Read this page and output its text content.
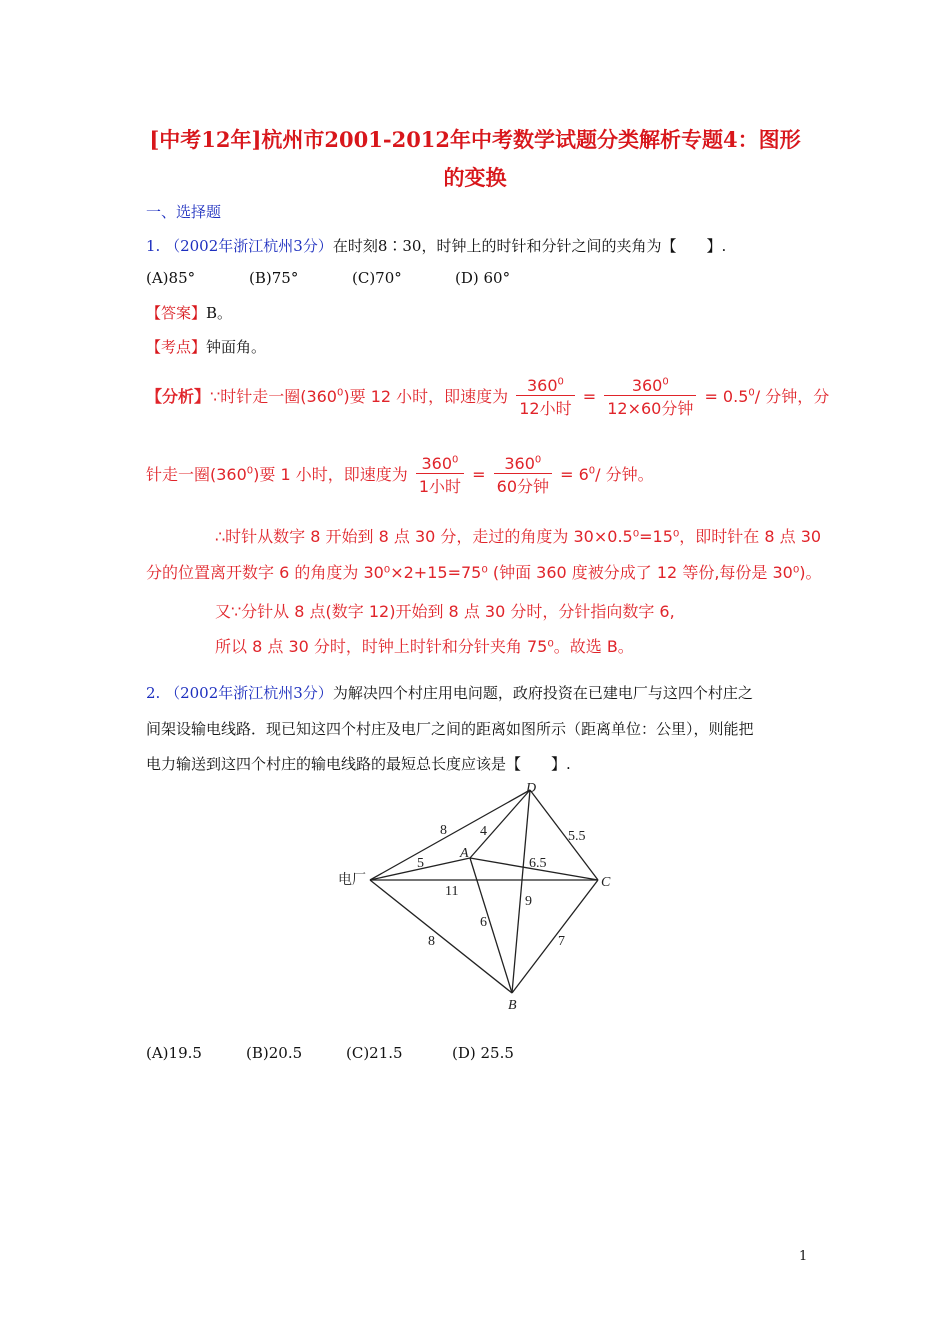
[中考12年]杭州市2001-2012年中考数学试题分类解析专题4：图形
的变换
一、选择题
1. （2002年浙江杭州3分）在时刻8∶30，时钟上的时针和分针之间的夹角为【　　】.
(A)85°	(B)75°	(C)70°	(D) 60°
【答案】B。
【考点】钟面角。
【分析】∵时针走一圈$(360^0)$要 12 小时，即速度为 $\frac{360^0}{\text{12小时}} = \frac{360^0}{\text{12×60分钟}} = 0.5^0/$ 分钟，分
针走一圈$(360^0)$要 1 小时，即速度为 $\frac{360^0}{\text{1小时}} = \frac{360^0}{\text{60分钟}} = 6^0/$ 分钟。
∴时针从数字 8 开始到 8 点 30 分，走过的角度为 30×0.5⁰=15⁰，即时针在 8 点 30
分的位置离开数字 6 的角度为 30⁰×2+15=75⁰ (钟面 360 度被分成了 12 等份,每份是 30⁰)。
又∵分针从 8 点(数字 12)开始到 8 点 30 分时，分针指向数字 6,
所以 8 点 30 分时，时钟上时针和分针夹角 75⁰。故选 B。
2. （2002年浙江杭州3分）为解决四个村庄用电问题，政府投资在已建电厂与这四个村庄之
间架设输电线路．现已知这四个村庄及电厂之间的距离如图所示（距离单位：公里），则能把
电力输送到这四个村庄的输电线路的最短总长度应该是【　　】.
电厂
D
A
C
B
8 4	5.5
5	6.5
11
9
6
8	7
(A)19.5	(B)20.5	(C)21.5	(D) 25.5
1
